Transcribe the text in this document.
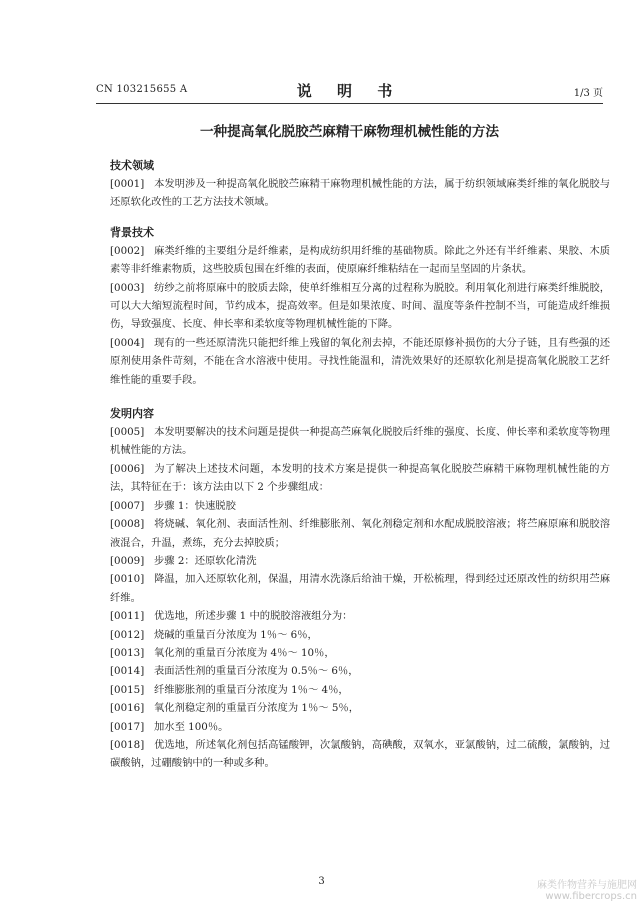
CN 103215655 A	说 明 书	1/3 页
一种提高氧化脱胶苎麻精干麻物理机械性能的方法
技术领域
[0001] 本发明涉及一种提高氧化脱胶苎麻精干麻物理机械性能的方法，属于纺织领域麻类纤维的氧化脱胶与还原软化改性的工艺方法技术领域。
背景技术
[0002] 麻类纤维的主要组分是纤维素，是构成纺织用纤维的基础物质。除此之外还有半纤维素、果胶、木质素等非纤维素物质，这些胶质包围在纤维的表面，使原麻纤维粘结在一起而呈坚固的片条状。
[0003] 纺纱之前将原麻中的胶质去除，使单纤维相互分离的过程称为脱胶。利用氧化剂进行麻类纤维脱胶，可以大大缩短流程时间，节约成本，提高效率。但是如果浓度、时间、温度等条件控制不当，可能造成纤维损伤，导致强度、长度、伸长率和柔软度等物理机械性能的下降。
[0004] 现有的一些还原清洗只能把纤维上残留的氧化剂去掉，不能还原修补损伤的大分子链，且有些强的还原剂使用条件苛刻，不能在含水溶液中使用。寻找性能温和，清洗效果好的还原软化剂是提高氧化脱胶工艺纤维性能的重要手段。
发明内容
[0005] 本发明要解决的技术问题是提供一种提高苎麻氧化脱胶后纤维的强度、长度、伸长率和柔软度等物理机械性能的方法。
[0006] 为了解决上述技术问题，本发明的技术方案是提供一种提高氧化脱胶苎麻精干麻物理机械性能的方法，其特征在于：该方法由以下 2 个步骤组成：
[0007] 步骤 1：快速脱胶
[0008] 将烧碱、氧化剂、表面活性剂、纤维膨胀剂、氧化剂稳定剂和水配成脱胶溶液；将苎麻原麻和脱胶溶液混合，升温，煮练，充分去掉胶质；
[0009] 步骤 2：还原软化清洗
[0010] 降温，加入还原软化剂，保温，用清水洗涤后给油干燥，开松梳理，得到经过还原改性的纺织用苎麻纤维。
[0011] 优选地，所述步骤 1 中的脱胶溶液组分为：
[0012] 烧碱的重量百分浓度为 1％～ 6％，
[0013] 氧化剂的重量百分浓度为 4％～ 10％，
[0014] 表面活性剂的重量百分浓度为 0.5％～ 6％，
[0015] 纤维膨胀剂的重量百分浓度为 1％～ 4％，
[0016] 氧化剂稳定剂的重量百分浓度为 1％～ 5％，
[0017] 加水至 100％。
[0018] 优选地，所述氧化剂包括高锰酸钾，次氯酸钠，高碘酸，双氧水，亚氯酸钠，过二硫酸，氯酸钠，过碳酸钠，过硼酸钠中的一种或多种。
3	麻类作物营养与施肥网
www.fibercrops.cn
